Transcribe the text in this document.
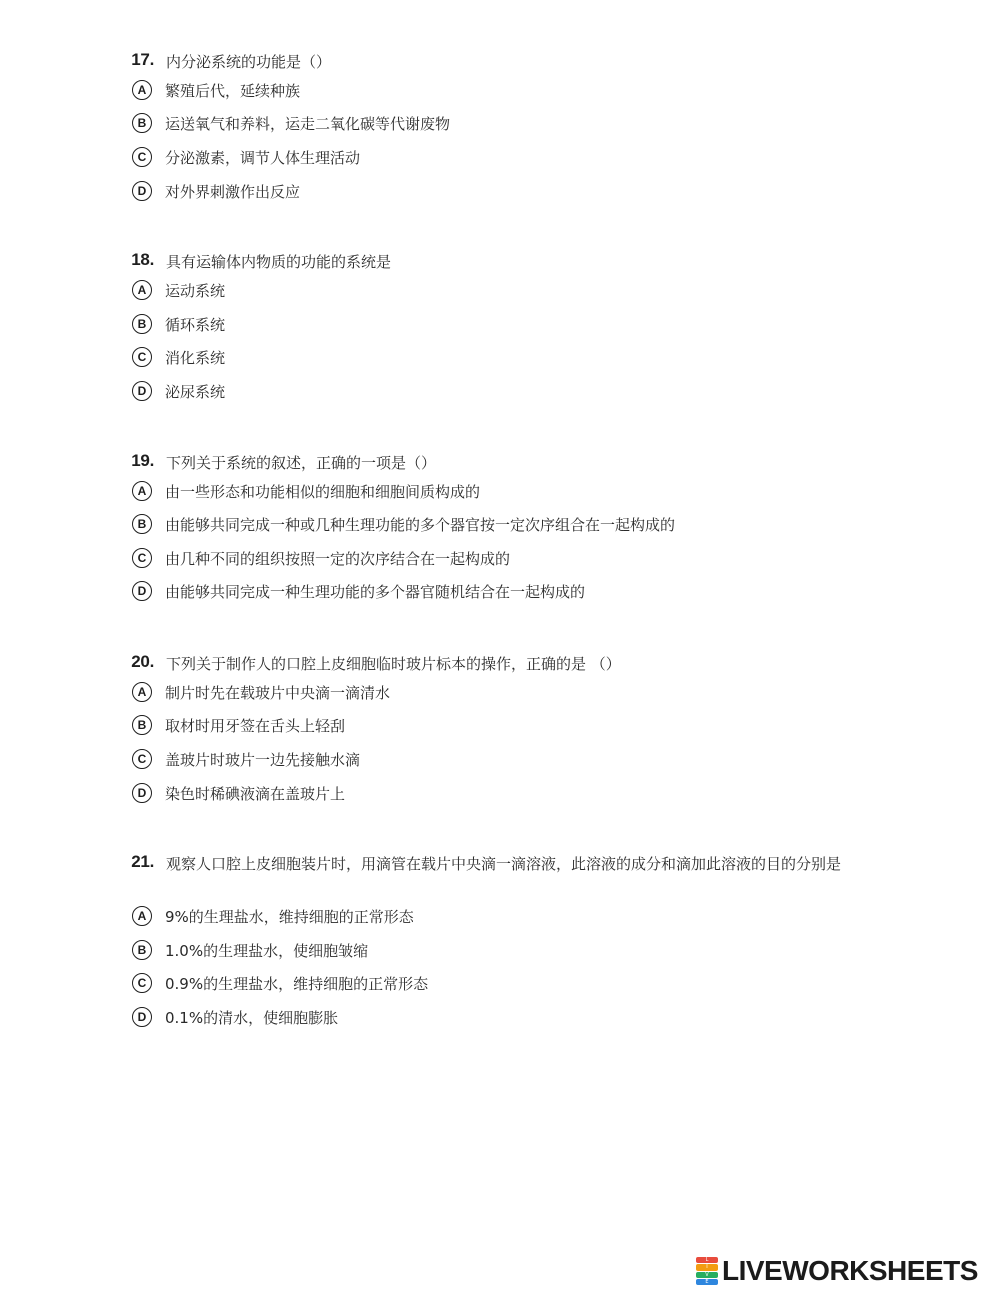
17. 内分泌系统的功能是（）
A	繁殖后代，延续种族
B	运送氧气和养料，运走二氧化碳等代谢废物
C	分泌激素，调节人体生理活动
D	对外界刺激作出反应
18. 具有运输体内物质的功能的系统是
A	运动系统
B	循环系统
C	消化系统
D	泌尿系统
19. 下列关于系统的叙述，正确的一项是（）
A	由一些形态和功能相似的细胞和细胞间质构成的
B	由能够共同完成一种或几种生理功能的多个器官按一定次序组合在一起构成的
C	由几种不同的组织按照一定的次序结合在一起构成的
D	由能够共同完成一种生理功能的多个器官随机结合在一起构成的
20. 下列关于制作人的口腔上皮细胞临时玻片标本的操作，正确的是 （）
A	制片时先在载玻片中央滴一滴清水
B	取材时用牙签在舌头上轻刮
C	盖玻片时玻片一边先接触水滴
D	染色时稀碘液滴在盖玻片上
21. 观察人口腔上皮细胞装片时，用滴管在载片中央滴一滴溶液，此溶液的成分和滴加此溶液的目的分别是
A	9%的生理盐水，维持细胞的正常形态
B	1.0%的生理盐水，使细胞皱缩
C	0.9%的生理盐水，维持细胞的正常形态
D	0.1%的清水，使细胞膨胀
L
I
V
E LIVEWORKSHEETS
